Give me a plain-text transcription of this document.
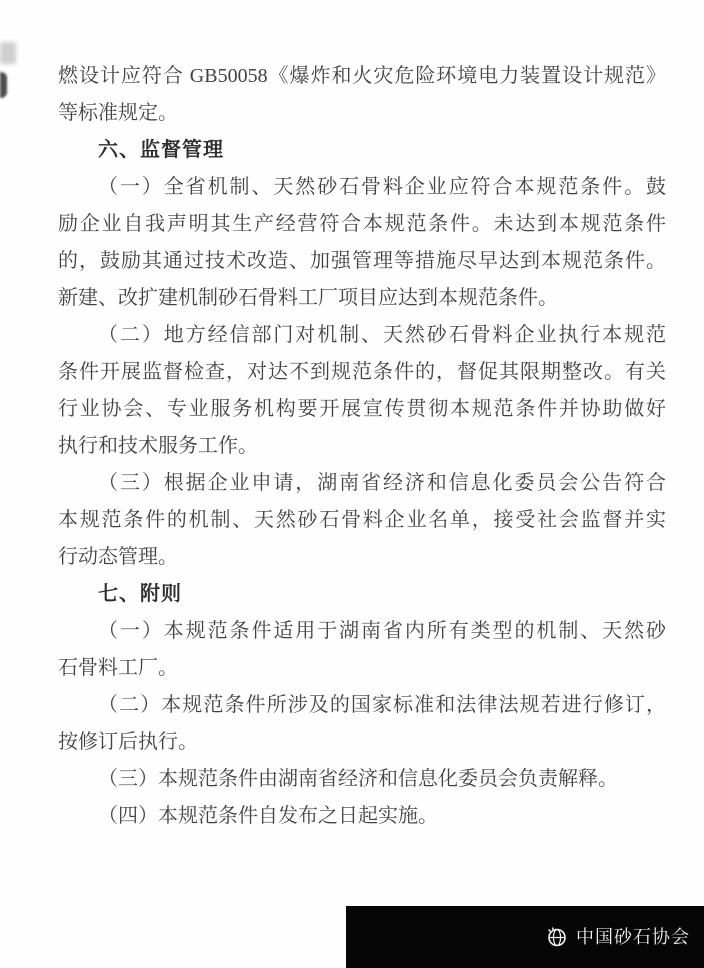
燃设计应符合 GB50058《爆炸和火灾危险环境电力装置设计规范》
等标准规定。
六、监督管理
（一）全省机制、天然砂石骨料企业应符合本规范条件。鼓
励企业自我声明其生产经营符合本规范条件。未达到本规范条件
的，鼓励其通过技术改造、加强管理等措施尽早达到本规范条件。
新建、改扩建机制砂石骨料工厂项目应达到本规范条件。
（二）地方经信部门对机制、天然砂石骨料企业执行本规范
条件开展监督检查，对达不到规范条件的，督促其限期整改。有关
行业协会、专业服务机构要开展宣传贯彻本规范条件并协助做好
执行和技术服务工作。
（三）根据企业申请，湖南省经济和信息化委员会公告符合
本规范条件的机制、天然砂石骨料企业名单，接受社会监督并实
行动态管理。
七、附则
（一）本规范条件适用于湖南省内所有类型的机制、天然砂
石骨料工厂。
（二）本规范条件所涉及的国家标准和法律法规若进行修订，
按修订后执行。
（三）本规范条件由湖南省经济和信息化委员会负责解释。
（四）本规范条件自发布之日起实施。
中国砂石协会
